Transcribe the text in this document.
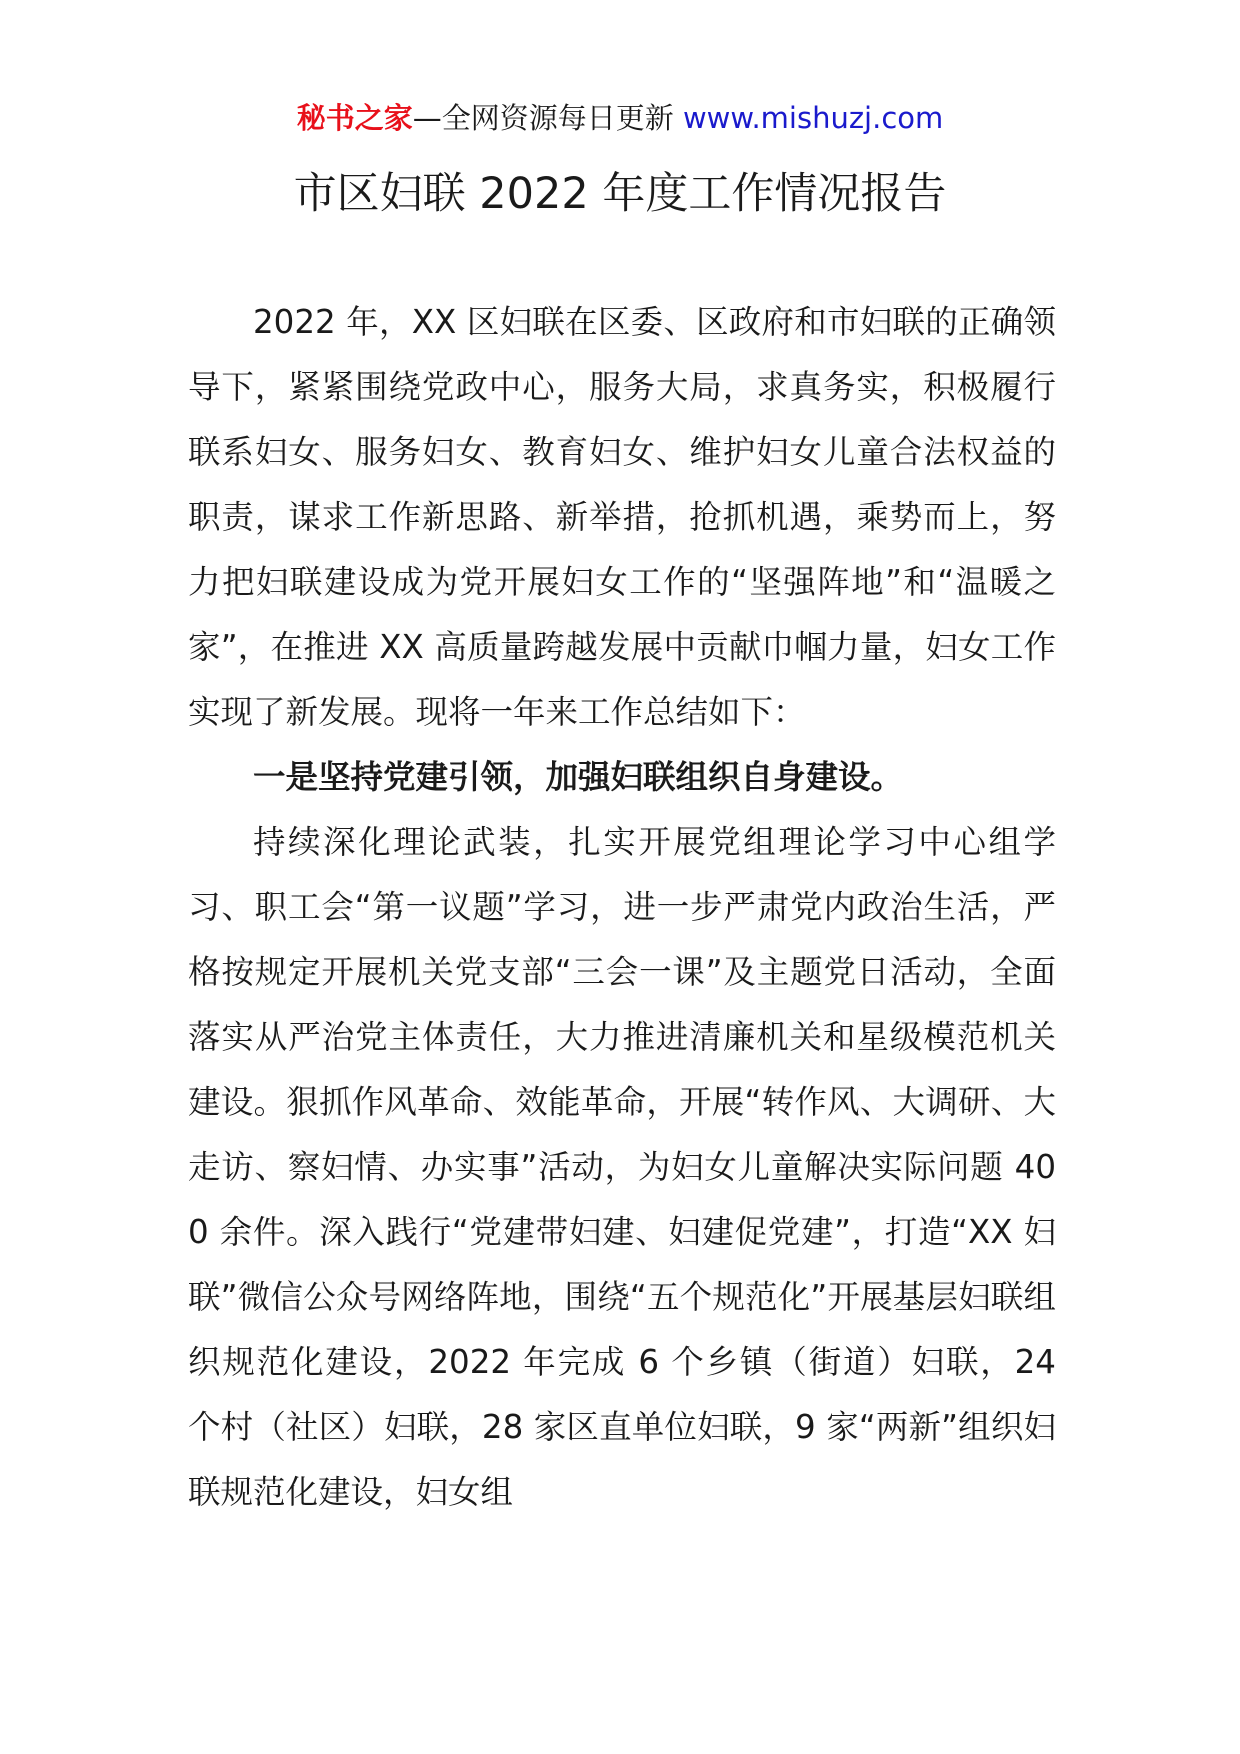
秘书之家—全网资源每日更新 www.mishuzj.com
市区妇联 2022 年度工作情况报告

2022 年，XX 区妇联在区委、区政府和市妇联的正确领导下，紧紧围绕党政中心，服务大局，求真务实，积极履行联系妇女、服务妇女、教育妇女、维护妇女儿童合法权益的职责，谋求工作新思路、新举措，抢抓机遇，乘势而上，努力把妇联建设成为党开展妇女工作的“坚强阵地”和“温暖之家”，在推进 XX 高质量跨越发展中贡献巾帼力量，妇女工作实现了新发展。现将一年来工作总结如下：

一是坚持党建引领，加强妇联组织自身建设。

持续深化理论武装，扎实开展党组理论学习中心组学习、职工会“第一议题”学习，进一步严肃党内政治生活，严格按规定开展机关党支部“三会一课”及主题党日活动，全面落实从严治党主体责任，大力推进清廉机关和星级模范机关建设。狠抓作风革命、效能革命，开展“转作风、大调研、大走访、察妇情、办实事”活动，为妇女儿童解决实际问题 400 余件。深入践行“党建带妇建、妇建促党建”，打造“XX 妇联”微信公众号网络阵地，围绕“五个规范化”开展基层妇联组织规范化建设，2022 年完成 6 个乡镇（街道）妇联，24 个村（社区）妇联，28 家区直单位妇联，9 家“两新”组织妇联规范化建设，妇女组
